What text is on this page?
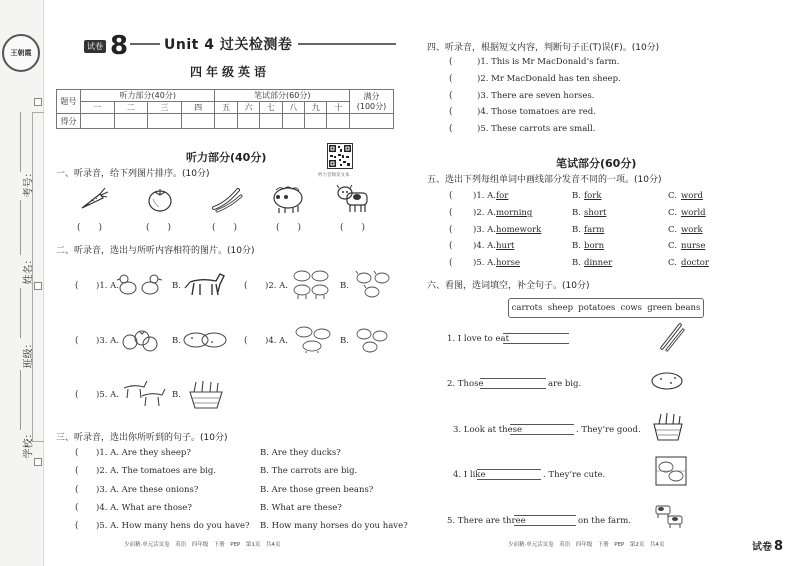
王朝霞
考号：
姓名：
班级：
学校：
试卷 8	Unit 4 过关检测卷
四年级英语
题号	听力部分(40分)				笔试部分(60分)						满分
(100分)

	一	二	三	四	五	六	七	八	九	十	
得分											
听力部分(40分)
听力音频及文本
一、听录音，给下列图片排序。(10分)
(　　)	(　　)	(　　)	(　　)	(　　)
二、听录音，选出与所听内容相符的图片。(10分)
( )1. A.	B.	( )2. A.	B.
( )3. A.	B.	( )4. A.	B.
( )5. A.	B.
三、听录音，选出你所听到的句子。(10分)
( )1. A. Are they sheep?	B. Are they ducks?
( )2. A. The tomatoes are big.	B. The carrots are big.
( )3. A. Are these onions?	B. Are those green beans?
( )4. A. What are those?	B. What are these?
( )5. A. How many hens do you have? B. How many horses do you have?
四、听录音，根据短文内容，判断句子正(T)误(F)。(10分)
(	)1. This is Mr MacDonald’s farm.
(	)2. Mr MacDonald has ten sheep.
(	)3. There are seven horses.
(	)4. Those tomatoes are red.
(	)5. These carrots are small.
笔试部分(60分)
五、选出下列每组单词中画线部分发音不同的一项。(10分)
( )1. A. for	B. fork	C. word
( )2. A. morning	B. short	C. world
( )3. A. homework	B. farm	C. work
( )4. A. hurt	B. born	C. nurse
( )5. A. horse	B. dinner	C. doctor
六、看图，选词填空，补全句子。(10分)
carrots sheep potatoes cows green beans
1. I love to eat
2. Those	are big.
3. Look at these	. They’re good.
4. I like	. They’re cute.
5. There are three	on the farm.
少而精·单元活页卷　英语　四年级　下册　PEP　第1页　共4页	少而精·单元活页卷　英语　四年级　下册　PEP　第2页　共4页	试卷 8
